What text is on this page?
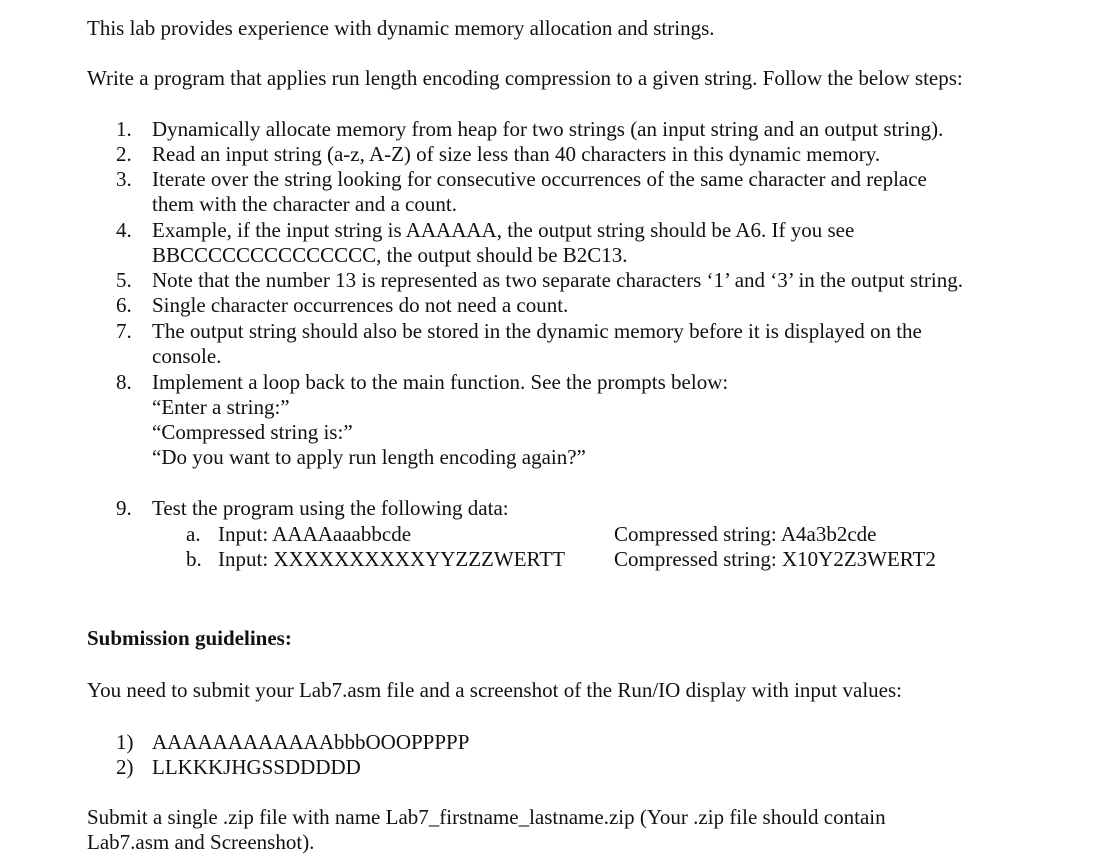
This lab provides experience with dynamic memory allocation and strings.

Write a program that applies run length encoding compression to a given string. Follow the below steps:

1. Dynamically allocate memory from heap for two strings (an input string and an output string).
2. Read an input string (a-z, A-Z) of size less than 40 characters in this dynamic memory.
3. Iterate over the string looking for consecutive occurrences of the same character and replace
them with the character and a count.
4. Example, if the input string is AAAAAA, the output string should be A6. If you see
BBCCCCCCCCCCCCCC, the output should be B2C13.
5. Note that the number 13 is represented as two separate characters ‘1’ and ‘3’ in the output string.
6. Single character occurrences do not need a count.
7. The output string should also be stored in the dynamic memory before it is displayed on the
console.
8. Implement a loop back to the main function. See the prompts below:
“Enter a string:”
“Compressed string is:”
“Do you want to apply run length encoding again?”
9. Test the program using the following data:
a. Input: AAAAaaabbcde	Compressed string: A4a3b2cde
b. Input: XXXXXXXXXXYYZZZWERTT Compressed string: X10Y2Z3WERT2

Submission guidelines:

You need to submit your Lab7.asm file and a screenshot of the Run/IO display with input values:

1) AAAAAAAAAAAAbbbOOOPPPPP
2) LLKKKJHGSSDDDDD

Submit a single .zip file with name Lab7_firstname_lastname.zip (Your .zip file should contain

Lab7.asm and Screenshot).
